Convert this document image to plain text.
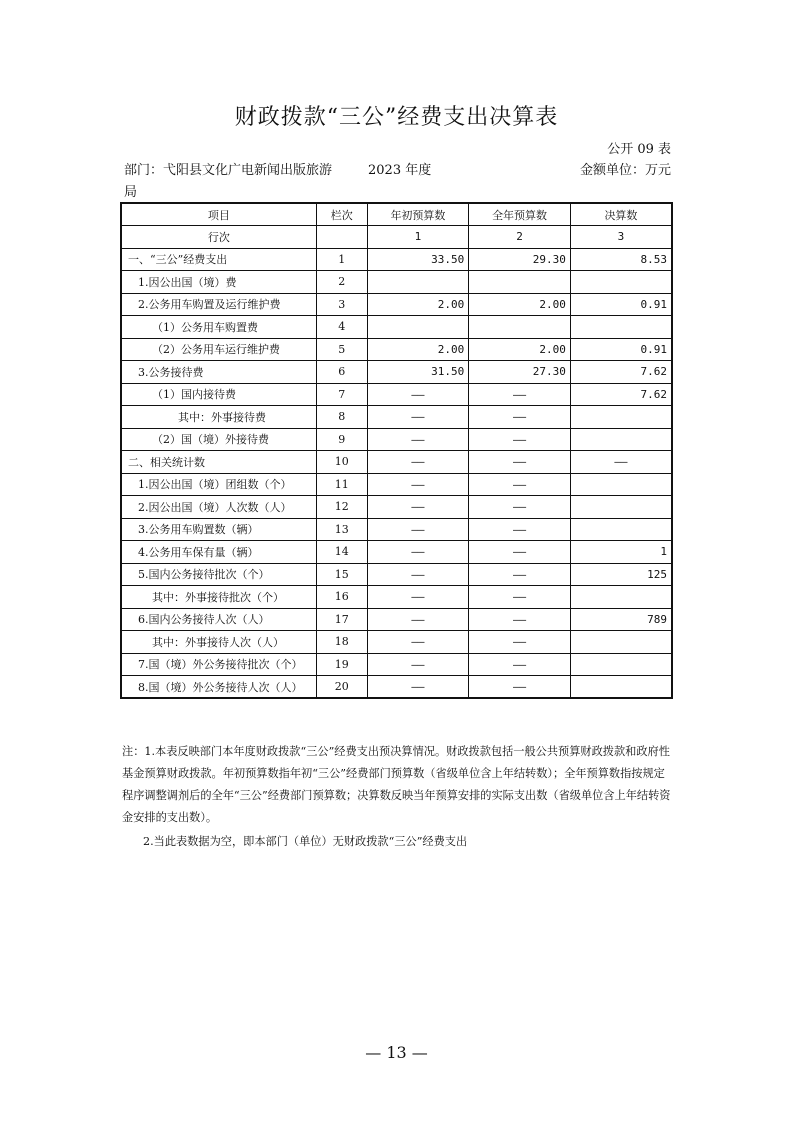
财政拨款“三公”经费支出决算表
公开 09 表
部门：弋阳县文化广电新闻出版旅游局
2023 年度	金额单位：万元
项目	栏次	年初预算数	全年预算数	决算数
行次		1	2	3
一、“三公”经费支出	1	33.50	29.30	8.53
1.因公出国（境）费	2			
2.公务用车购置及运行维护费	3	2.00	2.00	0.91
（1）公务用车购置费	4			
（2）公务用车运行维护费	5	2.00	2.00	0.91
3.公务接待费	6	31.50	27.30	7.62
（1）国内接待费	7	——	——	7.62
其中：外事接待费	8	——	——	
（2）国（境）外接待费	9	——	——	
二、相关统计数	10	——	——	——
1.因公出国（境）团组数（个）	11	——	——	
2.因公出国（境）人次数（人）	12	——	——	
3.公务用车购置数（辆）	13	——	——	
4.公务用车保有量（辆）	14	——	——	1
5.国内公务接待批次（个）	15	——	——	125
其中：外事接待批次（个）	16	——	——	
6.国内公务接待人次（人）	17	——	——	789
其中：外事接待人次（人）	18	——	——	
7.国（境）外公务接待批次（个）	19	——	——	
8.国（境）外公务接待人次（人）	20	——	——	
注：1.本表反映部门本年度财政拨款“三公”经费支出预决算情况。财政拨款包括一般公共预算财政拨款和政府性基金预算财政拨款。年初预算数指年初“三公”经费部门预算数（省级单位含上年结转数）；全年预算数指按规定程序调整调剂后的全年“三公”经费部门预算数；决算数反映当年预算安排的实际支出数（省级单位含上年结转资金安排的支出数）。
2.当此表数据为空，即本部门（单位）无财政拨款“三公”经费支出
— 13 —
